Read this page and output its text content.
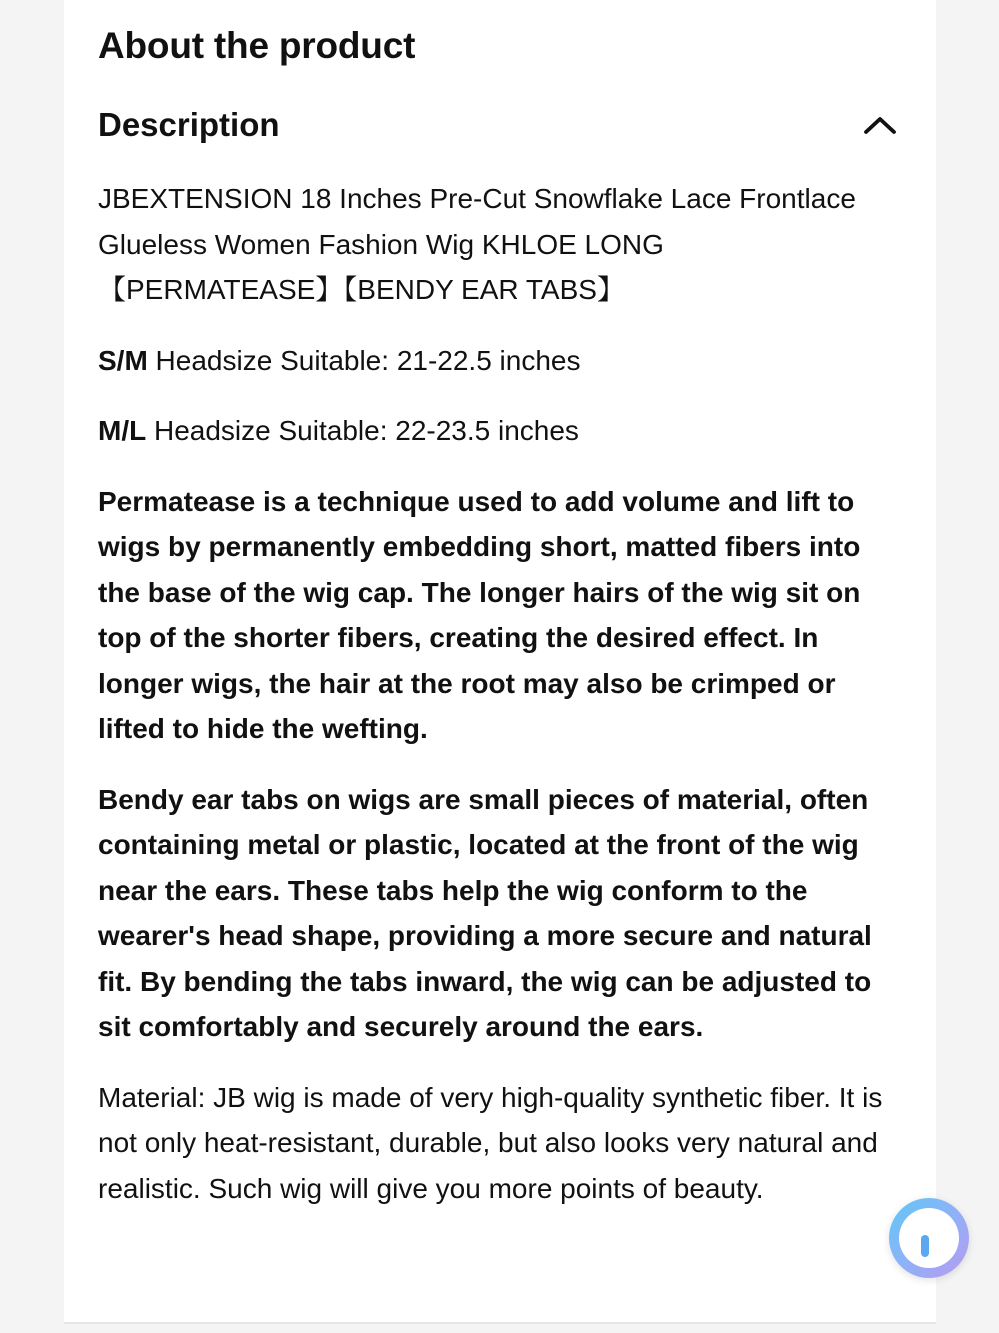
About the product
Description

JBEXTENSION 18 Inches Pre-Cut Snowflake Lace Frontlace Glueless Women Fashion Wig KHLOE LONG 【PERMATEASE】【BENDY EAR TABS】

S/M Headsize Suitable: 21-22.5 inches

M/L Headsize Suitable: 22-23.5 inches

Permatease is a technique used to add volume and lift to wigs by permanently embedding short, matted fibers into the base of the wig cap. The longer hairs of the wig sit on top of the shorter fibers, creating the desired effect. In longer wigs, the hair at the root may also be crimped or lifted to hide the wefting.

Bendy ear tabs on wigs are small pieces of material, often containing metal or plastic, located at the front of the wig near the ears. These tabs help the wig conform to the wearer's head shape, providing a more secure and natural fit. By bending the tabs inward, the wig can be adjusted to sit comfortably and securely around the ears.

Material: JB wig is made of very high-quality synthetic fiber. It is not only heat-resistant, durable, but also looks very natural and realistic. Such wig will give you more points of beauty.
